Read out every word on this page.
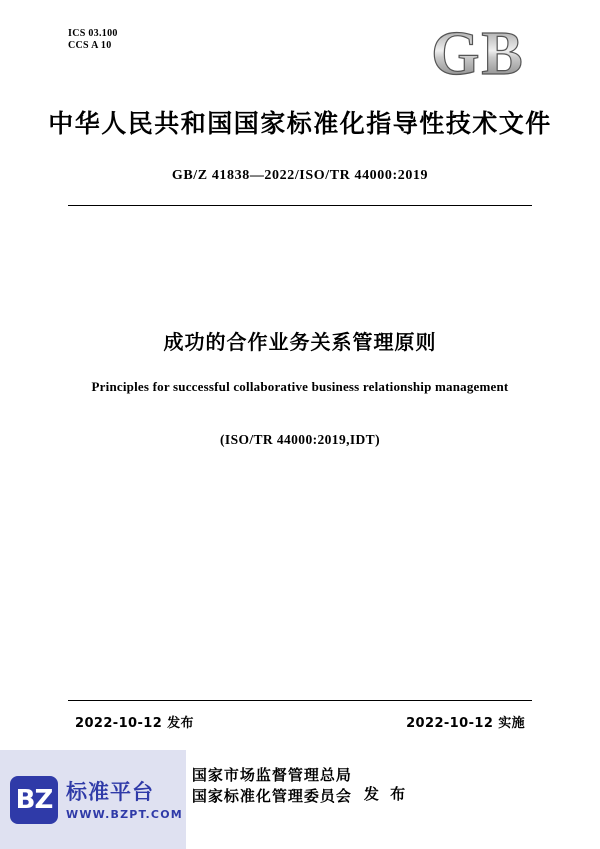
ICS 03.100
CCS A 10	GB
中华人民共和国国家标准化指导性技术文件
GB/Z 41838—2022/ISO/TR 44000:2019
成功的合作业务关系管理原则
Principles for successful collaborative business relationship management
(ISO/TR 44000:2019,IDT)
2022-10-12 发布	2022-10-12 实施
国家市场监督管理总局
国家标准化管理委员会 发 布
BZ 标准平台
WWW.BZPT.COM
